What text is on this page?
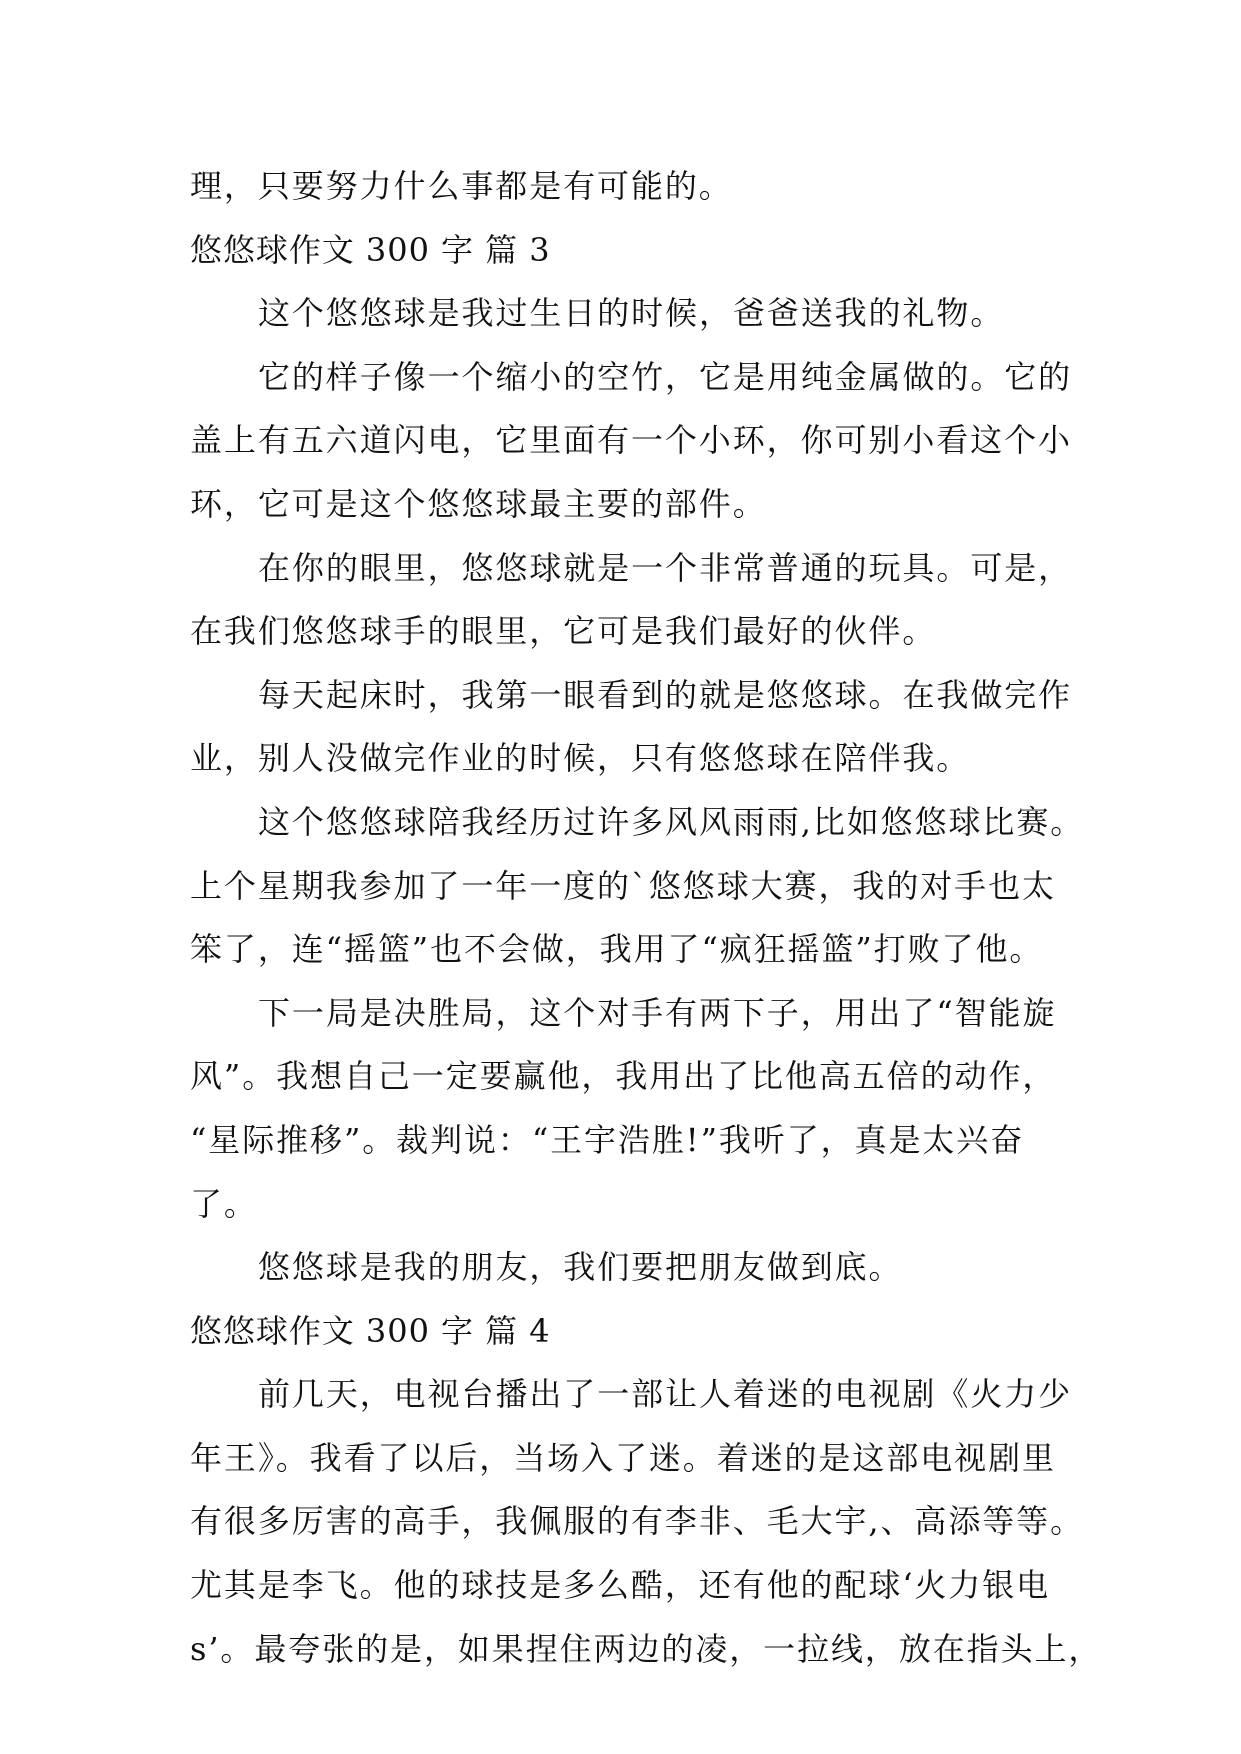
理，只要努力什么事都是有可能的。
悠悠球作文 300 字 篇 3
这个悠悠球是我过生日的时候，爸爸送我的礼物。
它的样子像一个缩小的空竹，它是用纯金属做的。它的
盖上有五六道闪电，它里面有一个小环，你可别小看这个小
环，它可是这个悠悠球最主要的部件。
在你的眼里，悠悠球就是一个非常普通的玩具。可是，
在我们悠悠球手的眼里，它可是我们最好的伙伴。
每天起床时，我第一眼看到的就是悠悠球。在我做完作
业，别人没做完作业的时候，只有悠悠球在陪伴我。
这个悠悠球陪我经历过许多风风雨雨,比如悠悠球比赛。
上个星期我参加了一年一度的`悠悠球大赛，我的对手也太
笨了，连“摇篮”也不会做，我用了“疯狂摇篮”打败了他。
下一局是决胜局，这个对手有两下子，用出了“智能旋
风”。我想自己一定要赢他，我用出了比他高五倍的动作，
“星际推移”。裁判说：“王宇浩胜!”我听了，真是太兴奋
了。
悠悠球是我的朋友，我们要把朋友做到底。
悠悠球作文 300 字 篇 4
前几天，电视台播出了一部让人着迷的电视剧《火力少
年王》。我看了以后，当场入了迷。着迷的是这部电视剧里
有很多厉害的高手，我佩服的有李非、毛大宇,、高添等等。
尤其是李飞。他的球技是多么酷，还有他的配球‘火力银电
s’。最夸张的是，如果捏住两边的凌，一拉线，放在指头上，
